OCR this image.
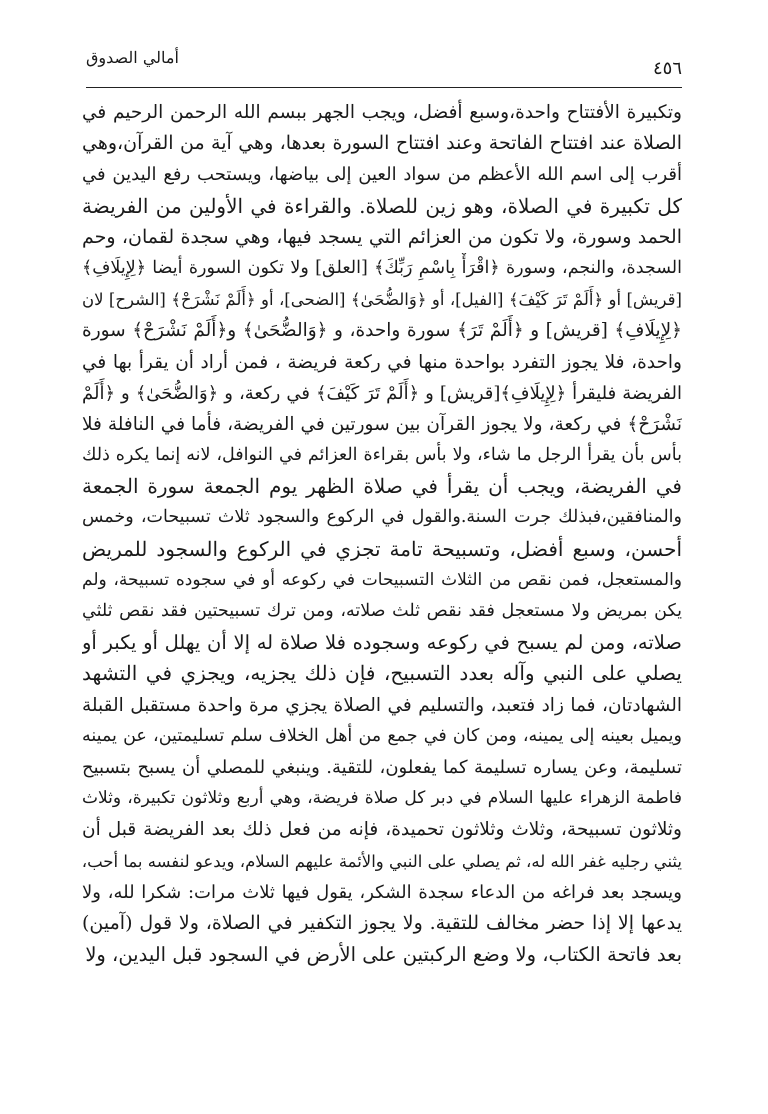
أمالي الصدوق
٤٥٦
وتكبيرة الأفتتاح واحدة،وسبع أفضل، ويجب الجهر ببسم الله الرحمن الرحيم في
الصلاة عند افتتاح الفاتحة وعند افتتاح السورة بعدها، وهي آية من القرآن،وهي
أقرب إلى اسم الله الأعظم من سواد العين إلى بياضها، ويستحب رفع اليدين في
كل تكبيرة في الصلاة، وهو زين للصلاة. والقراءة في الأولين من الفريضة
الحمد وسورة، ولا تكون من العزائم التي يسجد فيها، وهي سجدة لقمان، وحم
السجدة، والنجم، وسورة ﴿اقْرَأْ بِاسْمِ رَبِّكَ﴾ [العلق] ولا تكون السورة أيضا ﴿لِإِيلَافِ﴾
[قريش] أو ﴿أَلَمْ تَرَ كَيْفَ﴾ [الفيل]، أو ﴿وَالضُّحَىٰ﴾ [الضحى]، أو ﴿أَلَمْ نَشْرَحْ﴾ [الشرح] لان
﴿لِإِيلَافِ﴾ [قريش] و ﴿أَلَمْ تَرَ﴾ سورة واحدة، و ﴿وَالضُّحَىٰ﴾ و﴿أَلَمْ نَشْرَحْ﴾ سورة
واحدة، فلا يجوز التفرد بواحدة منها في ركعة فريضة ، فمن أراد أن يقرأ بها في
الفريضة فليقرأ ﴿لِإِيلَافِ﴾[قريش] و ﴿أَلَمْ تَرَ كَيْفَ﴾ في ركعة، و ﴿وَالضُّحَىٰ﴾ و ﴿أَلَمْ
نَشْرَحْ﴾ في ركعة، ولا يجوز القرآن بين سورتين في الفريضة، فأما في النافلة فلا
بأس بأن يقرأ الرجل ما شاء، ولا بأس بقراءة العزائم في النوافل، لانه إنما يكره ذلك
في الفريضة، ويجب أن يقرأ في صلاة الظهر يوم الجمعة سورة الجمعة
والمنافقين،فبذلك جرت السنة.والقول في الركوع والسجود ثلاث تسبيحات، وخمس
أحسن، وسبع أفضل، وتسبيحة تامة تجزي في الركوع والسجود للمريض
والمستعجل، فمن نقص من الثلاث التسبيحات في ركوعه أو في سجوده تسبيحة، ولم
يكن بمريض ولا مستعجل فقد نقص ثلث صلاته، ومن ترك تسبيحتين فقد نقص ثلثي
صلاته، ومن لم يسبح في ركوعه وسجوده فلا صلاة له إلا أن يهلل أو يكبر أو
يصلي على النبي وآله بعدد التسبيح، فإن ذلك يجزيه، ويجزي في التشهد
الشهادتان، فما زاد فتعبد، والتسليم في الصلاة يجزي مرة واحدة مستقبل القبلة
ويميل بعينه إلى يمينه، ومن كان في جمع من أهل الخلاف سلم تسليمتين، عن يمينه
تسليمة، وعن يساره تسليمة كما يفعلون، للتقية. وينبغي للمصلي أن يسبح بتسبيح
فاطمة الزهراء عليها السلام في دبر كل صلاة فريضة، وهي أربع وثلاثون تكبيرة، وثلاث
وثلاثون تسبيحة، وثلاث وثلاثون تحميدة، فإنه من فعل ذلك بعد الفريضة قبل أن
يثني رجليه غفر الله له، ثم يصلي على النبي والأئمة عليهم السلام، ويدعو لنفسه بما أحب،
ويسجد بعد فراغه من الدعاء سجدة الشكر، يقول فيها ثلاث مرات: شكرا لله، ولا
يدعها إلا إذا حضر مخالف للتقية. ولا يجوز التكفير في الصلاة، ولا قول (آمين)
بعد فاتحة الكتاب، ولا وضع الركبتين على الأرض في السجود قبل اليدين، ولا
